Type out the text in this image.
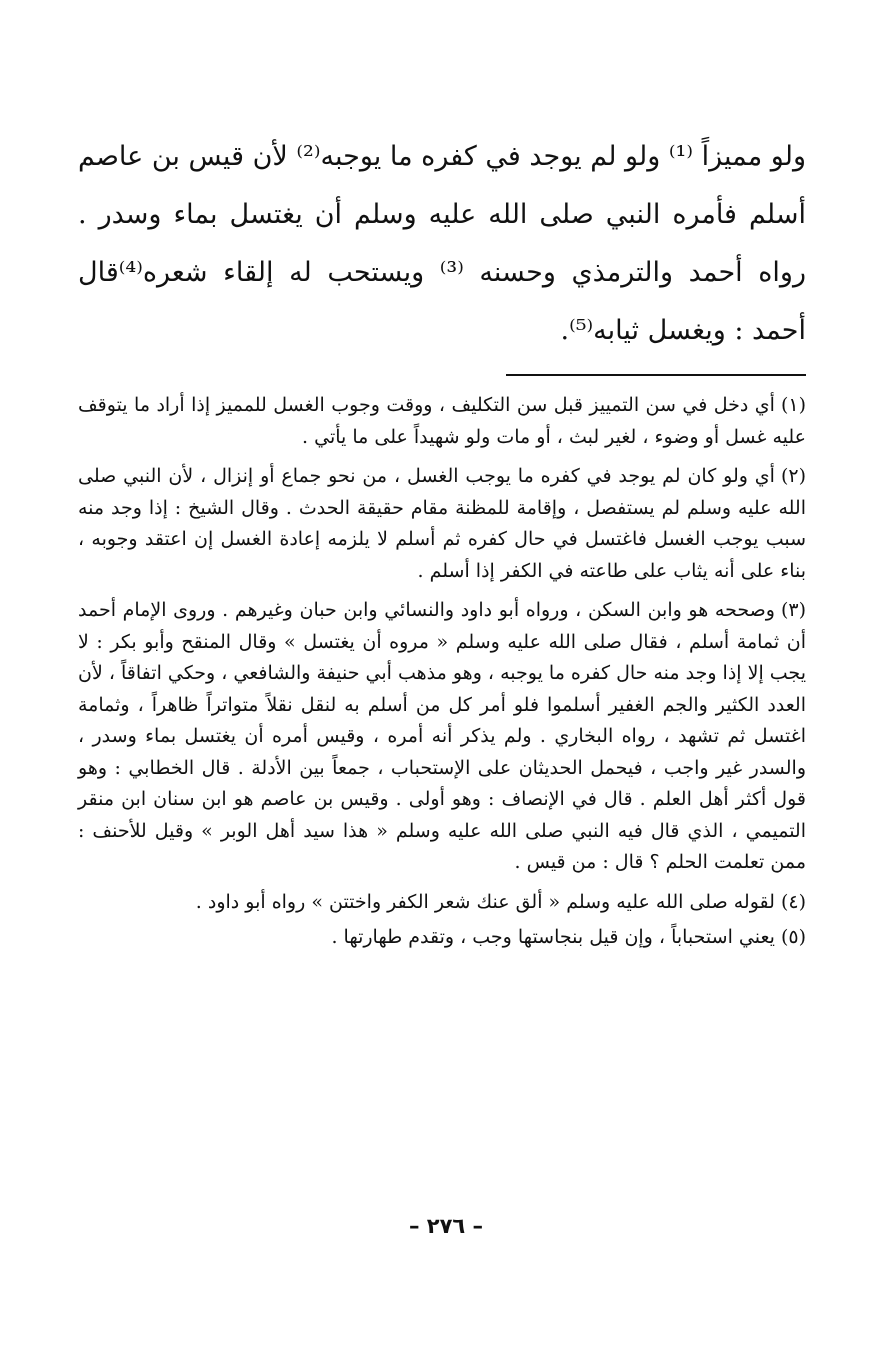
ولو مميزاً ⁽¹⁾ ولو لم يوجد في كفره ما يوجبه⁽²⁾ لأن قيس بن عاصم أسلم فأمره النبي صلى الله عليه وسلم أن يغتسل بماء وسدر . رواه أحمد والترمذي وحسنه ⁽³⁾ ويستحب له إلقاء شعره⁽⁴⁾قال أحمد : ويغسل ثيابه⁽⁵⁾.

(١)أي دخل في سن التمييز قبل سن التكليف ، ووقت وجوب الغسل للمميز إذا أراد ما يتوقف عليه غسل أو وضوء ، لغير لبث ، أو مات ولو شهيداً على ما يأتي .

(٢)أي ولو كان لم يوجد في كفره ما يوجب الغسل ، من نحو جماع أو إنزال ، لأن النبي صلى الله عليه وسلم لم يستفصل ، وإقامة للمظنة مقام حقيقة الحدث . وقال الشيخ : إذا وجد منه سبب يوجب الغسل فاغتسل في حال كفره ثم أسلم لا يلزمه إعادة الغسل إن اعتقد وجوبه ، بناء على أنه يثاب على طاعته في الكفر إذا أسلم .

(٣)وصححه هو وابن السكن ، ورواه أبو داود والنسائي وابن حبان وغيرهم . وروى الإمام أحمد أن ثمامة أسلم ، فقال صلى الله عليه وسلم « مروه أن يغتسل » وقال المنقح وأبو بكر : لا يجب إلا إذا وجد منه حال كفره ما يوجبه ، وهو مذهب أبي حنيفة والشافعي ، وحكي اتفاقاً ، لأن العدد الكثير والجم الغفير أسلموا فلو أمر كل من أسلم به لنقل نقلاً متواتراً ظاهراً ، وثمامة اغتسل ثم تشهد ، رواه البخاري . ولم يذكر أنه أمره ، وقيس أمره أن يغتسل بماء وسدر ، والسدر غير واجب ، فيحمل الحديثان على الإستحباب ، جمعاً بين الأدلة . قال الخطابي : وهو قول أكثر أهل العلم . قال في الإنصاف : وهو أولى . وقيس بن عاصم هو ابن سنان ابن منقر التميمي ، الذي قال فيه النبي صلى الله عليه وسلم « هذا سيد أهل الوبر » وقيل للأحنف : ممن تعلمت الحلم ؟ قال : من قيس .

(٤)لقوله صلى الله عليه وسلم « ألق عنك شعر الكفر واختتن » رواه أبو داود .

(٥)يعني استحباباً ، وإن قيل بنجاستها وجب ، وتقدم طهارتها .

– ٢٧٦ –
